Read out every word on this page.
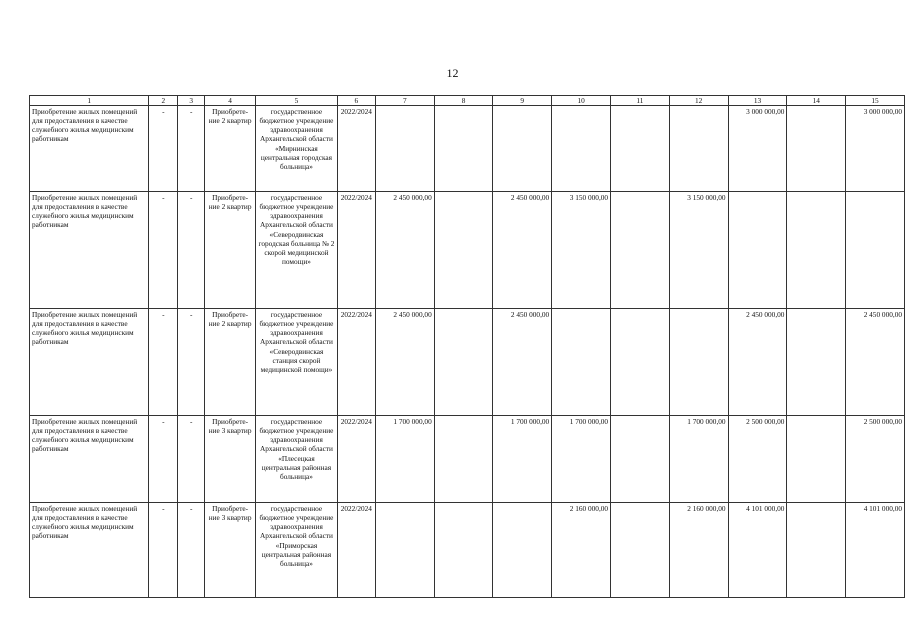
12
1	2	3	4	5	6	7	8	9	10	11	12	13	14	15
Приобретение жилых помещений для предоставления в качестве служебного жилья медицинским работникам	-	-	Приобрете-ние 2 квартир	государственное бюджетное учреждение здравоохранения Архангельской области «Мирнинская центральная городская больница»	2022/2024							3 000 000,00		3 000 000,00
Приобретение жилых помещений для предоставления в качестве служебного жилья медицинским работникам	-	-	Приобрете-ние 2 квартир	государственное бюджетное учреждение здравоохранения Архангельской области «Северодвинская городская больница № 2 скорой медицинской помощи»	2022/2024	2 450 000,00		2 450 000,00	3 150 000,00		3 150 000,00			
Приобретение жилых помещений для предоставления в качестве служебного жилья медицинским работникам	-	-	Приобрете-ние 2 квартир	государственное бюджетное учреждение здравоохранения Архангельской области «Северодвинская станция скорой медицинской помощи»	2022/2024	2 450 000,00		2 450 000,00				2 450 000,00		2 450 000,00
Приобретение жилых помещений для предоставления в качестве служебного жилья медицинским работникам	-	-	Приобрете-ние 3 квартир	государственное бюджетное учреждение здравоохранения Архангельской области «Плесецкая центральная районная больница»	2022/2024	1 700 000,00		1 700 000,00	1 700 000,00		1 700 000,00	2 500 000,00		2 500 000,00
Приобретение жилых помещений для предоставления в качестве служебного жилья медицинским работникам	-	-	Приобрете-ние 3 квартир	государственное бюджетное учреждение здравоохранения Архангельской области «Приморская центральная районная больница»	2022/2024				2 160 000,00		2 160 000,00	4 101 000,00		4 101 000,00
